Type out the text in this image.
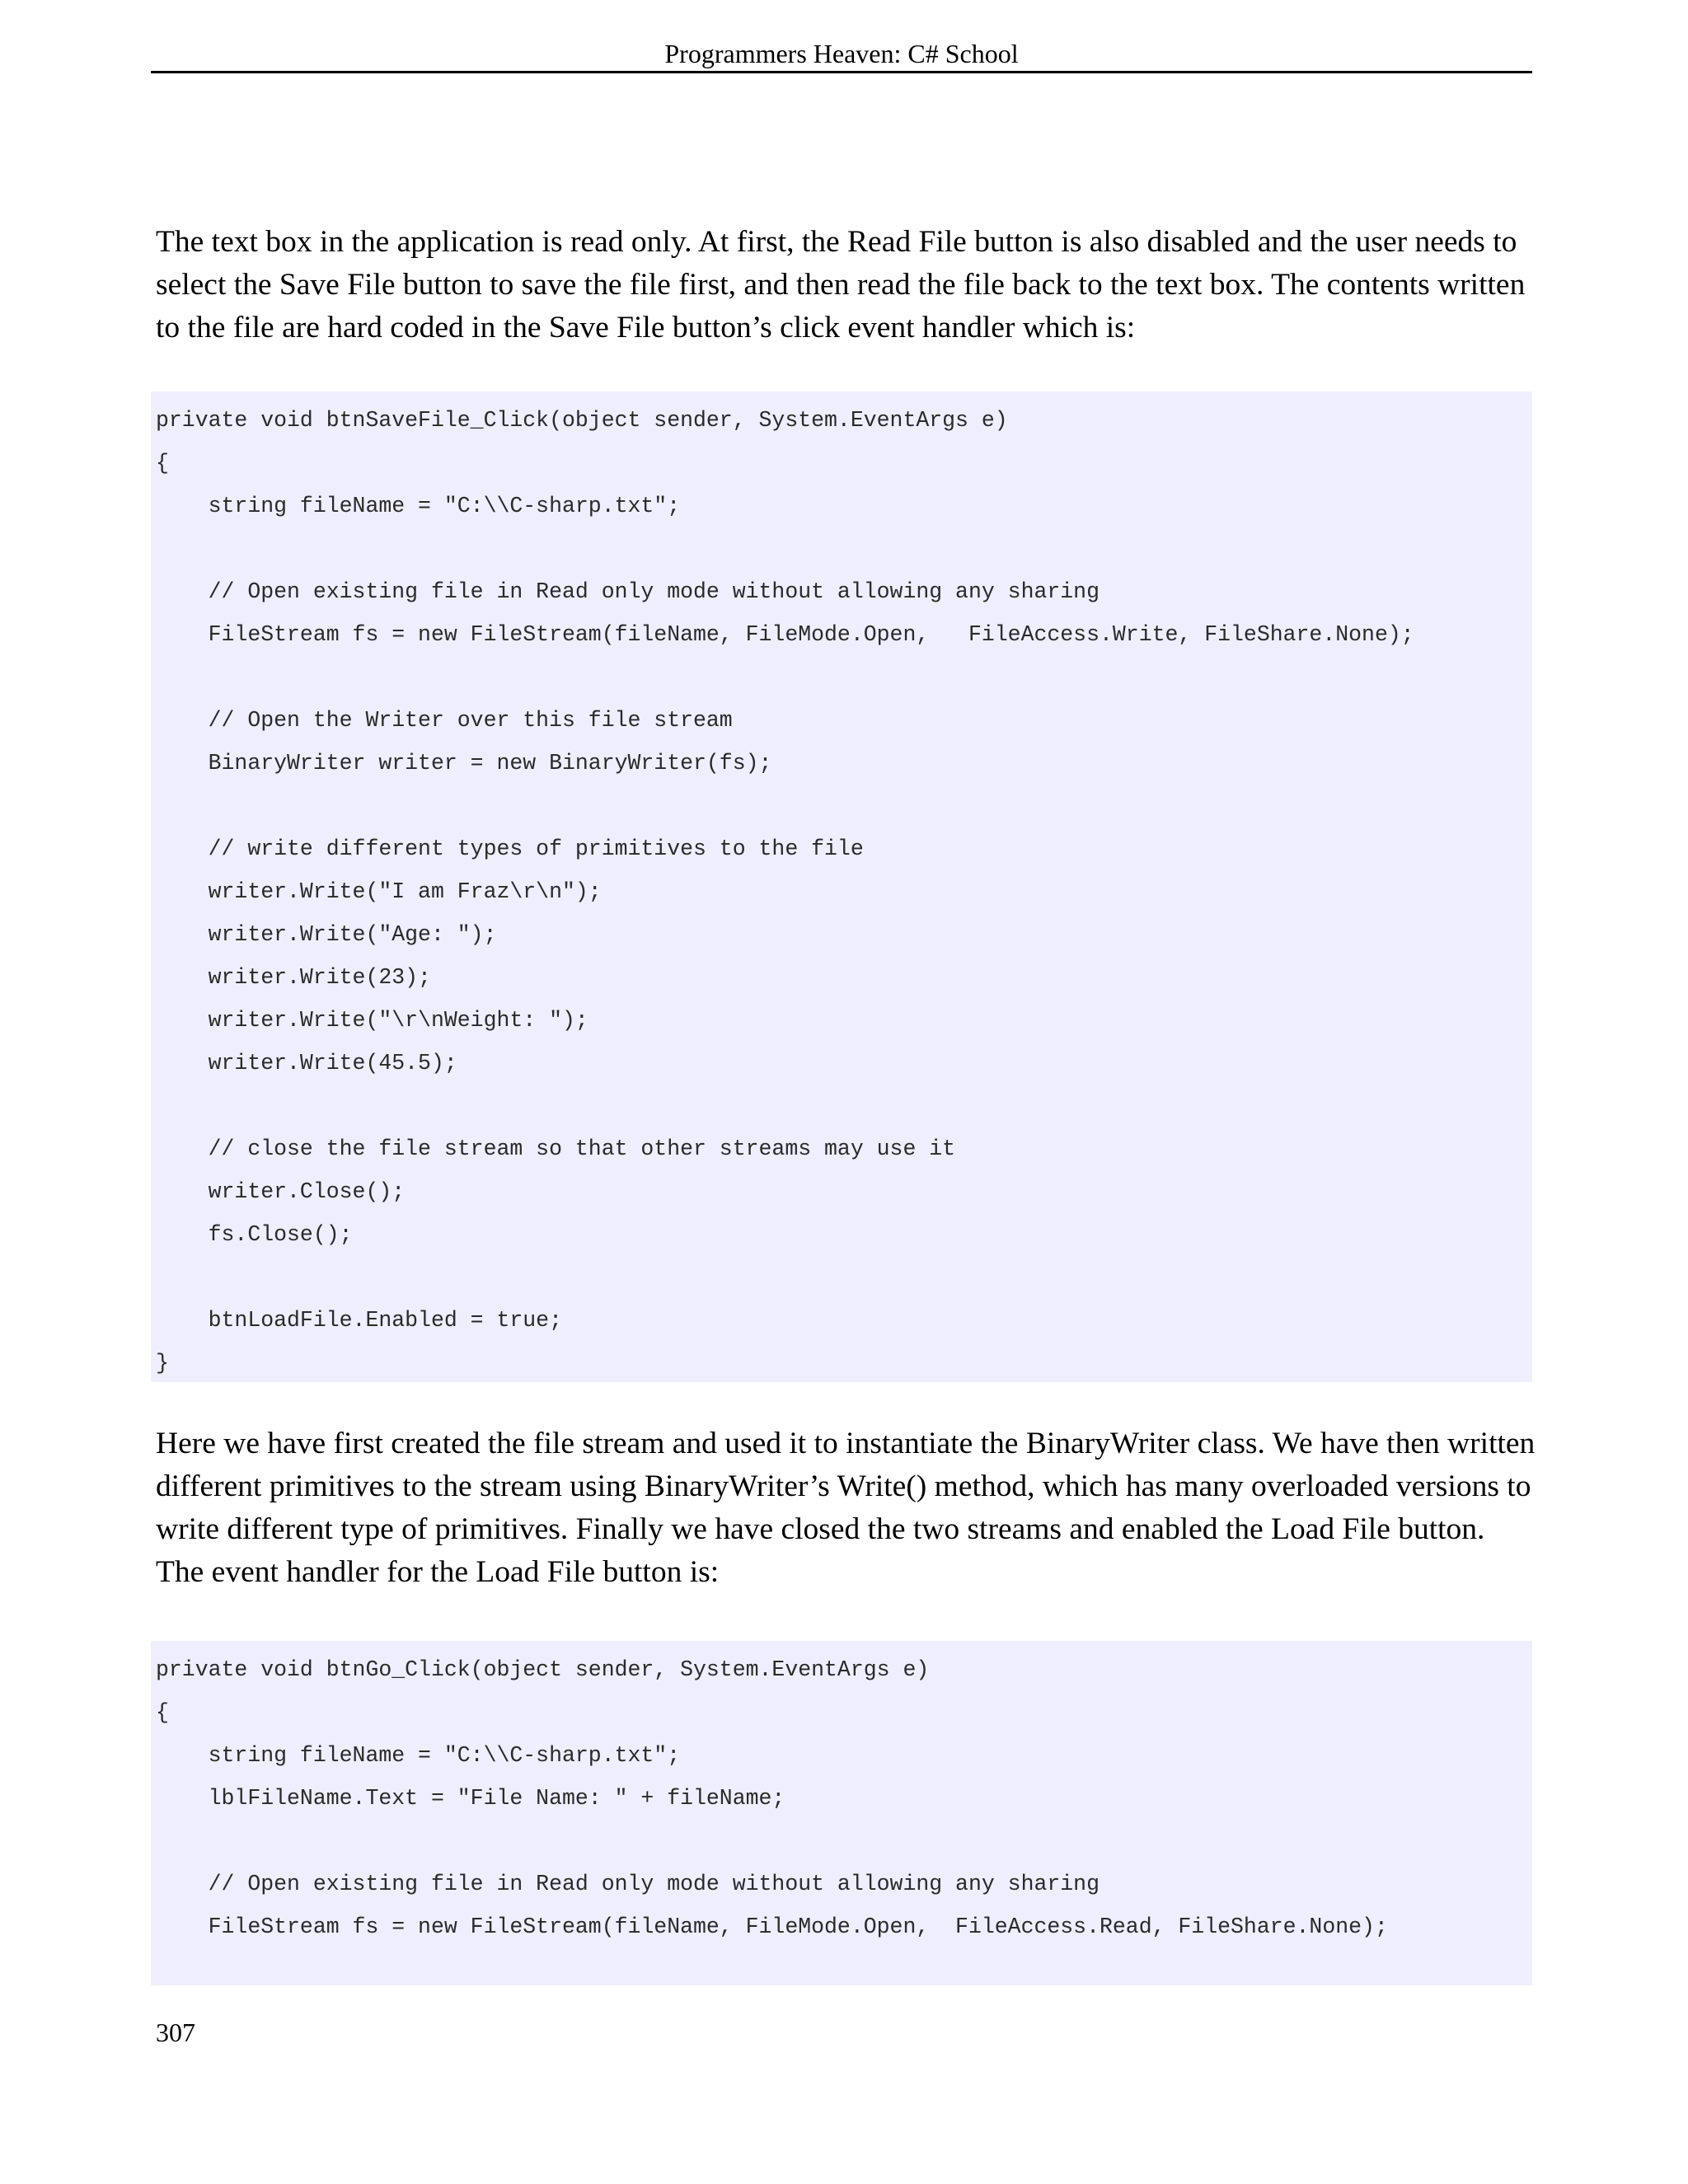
Programmers Heaven: C# School

The text box in the application is read only. At first, the Read File button is also disabled and the user needs to select the Save File button to save the file first, and then read the file back to the text box. The contents written to the file are hard coded in the Save File button’s click event handler which is:

private void btnSaveFile_Click(object sender, System.EventArgs e)
{
string fileName = "C:\\C-sharp.txt";
// Open existing file in Read only mode without allowing any sharing
FileStream fs = new FileStream(fileName, FileMode.Open,   FileAccess.Write, FileShare.None);
// Open the Writer over this file stream
BinaryWriter writer = new BinaryWriter(fs);
// write different types of primitives to the file
writer.Write("I am Fraz\r\n");
writer.Write("Age: ");
writer.Write(23);
writer.Write("\r\nWeight: ");
writer.Write(45.5);
// close the file stream so that other streams may use it
writer.Close();
fs.Close();
btnLoadFile.Enabled = true;
}

Here we have first created the file stream and used it to instantiate the BinaryWriter class. We have then written different primitives to the stream using BinaryWriter’s Write() method, which has many overloaded versions to write different type of primitives. Finally we have closed the two streams and enabled the Load File button.
The event handler for the Load File button is:

private void btnGo_Click(object sender, System.EventArgs e)
{
string fileName = "C:\\C-sharp.txt";
lblFileName.Text = "File Name: " + fileName;
// Open existing file in Read only mode without allowing any sharing
FileStream fs = new FileStream(fileName, FileMode.Open,  FileAccess.Read, FileShare.None);
307
